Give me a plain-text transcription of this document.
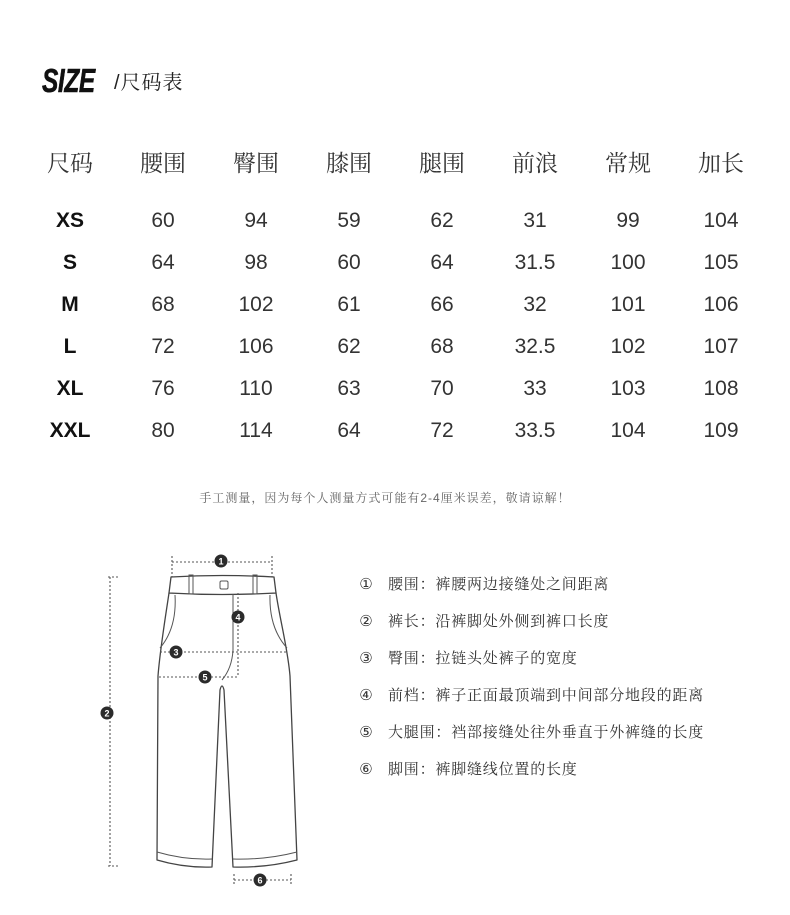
SIZE /尺码表
尺码	腰围	臀围	膝围	腿围	前浪	常规	加长
XS	60	94	59	62	31	99	104
S	64	98	60	64	31.5	100	105
M	68	102	61	66	32	101	106
L	72	106	62	68	32.5	102	107
XL	76	110	63	70	33	103	108
XXL	80	114	64	72	33.5	104	109
手工测量，因为每个人测量方式可能有2-4厘米误差，敬请谅解！
1
2
3
4
5
6
① 腰围：裤腰两边接缝处之间距离
② 裤长：沿裤脚处外侧到裤口长度
③ 臀围：拉链头处裤子的宽度
④ 前档：裤子正面最顶端到中间部分地段的距离
⑤ 大腿围：裆部接缝处往外垂直于外裤缝的长度
⑥ 脚围：裤脚缝线位置的长度
